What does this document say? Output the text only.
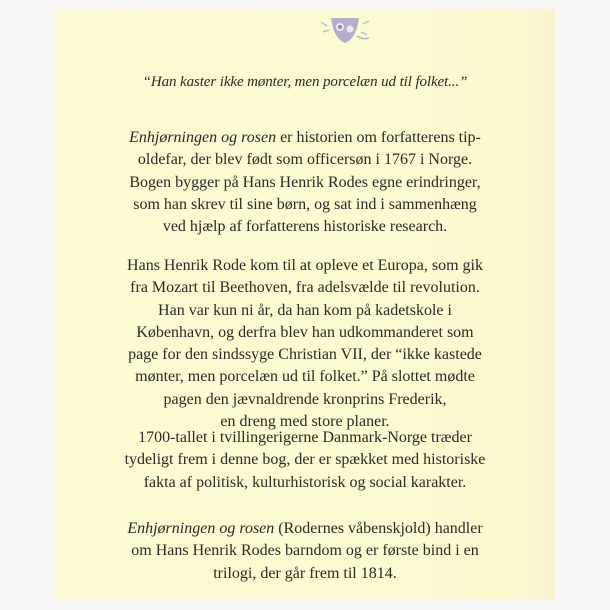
“Han kaster ikke mønter, men porcelæn ud til folket...”
Enhjørningen og rosen er historien om forfatterens tip-
oldefar, der blev født som officersøn i 1767 i Norge.
Bogen bygger på Hans Henrik Rodes egne erindringer,
som han skrev til sine børn, og sat ind i sammenhæng
ved hjælp af forfatterens historiske research.
Hans Henrik Rode kom til at opleve et Europa, som gik
fra Mozart til Beethoven, fra adelsvælde til revolution.
Han var kun ni år, da han kom på kadetskole i
København, og derfra blev han udkommanderet som
page for den sindssyge Christian VII, der “ikke kastede
mønter, men porcelæn ud til folket.” På slottet mødte
pagen den jævnaldrende kronprins Frederik,
en dreng med store planer.
1700-tallet i tvillingerigerne Danmark-Norge træder
tydeligt frem i denne bog, der er spækket med historiske
fakta af politisk, kulturhistorisk og social karakter.
Enhjørningen og rosen (Rodernes våbenskjold) handler
om Hans Henrik Rodes barndom og er første bind i en
trilogi, der går frem til 1814.
